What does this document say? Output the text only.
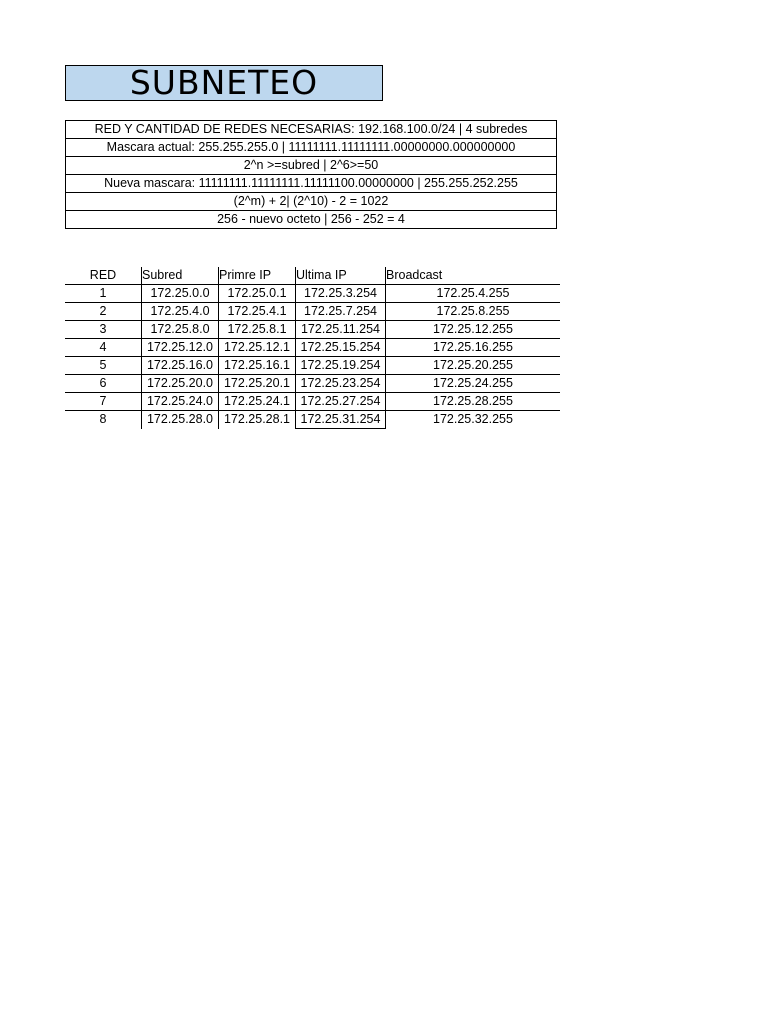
SUBNETEO
RED Y CANTIDAD DE REDES NECESARIAS: 192.168.100.0/24 | 4 subredes
Mascara actual: 255.255.255.0 | 11111111.11111111.00000000.000000000
2^n >=subred | 2^6>=50
Nueva mascara: 11111111.11111111.11111100.00000000 | 255.255.252.255
(2^m) + 2| (2^10) - 2 = 1022
256 - nuevo octeto | 256 - 252 = 4
RED	Subred	Primre IP	Ultima IP	Broadcast
1	172.25.0.0	172.25.0.1	172.25.3.254	172.25.4.255
2	172.25.4.0	172.25.4.1	172.25.7.254	172.25.8.255
3	172.25.8.0	172.25.8.1	172.25.11.254	172.25.12.255
4	172.25.12.0	172.25.12.1	172.25.15.254	172.25.16.255
5	172.25.16.0	172.25.16.1	172.25.19.254	172.25.20.255
6	172.25.20.0	172.25.20.1	172.25.23.254	172.25.24.255
7	172.25.24.0	172.25.24.1	172.25.27.254	172.25.28.255
8	172.25.28.0	172.25.28.1	172.25.31.254	172.25.32.255
